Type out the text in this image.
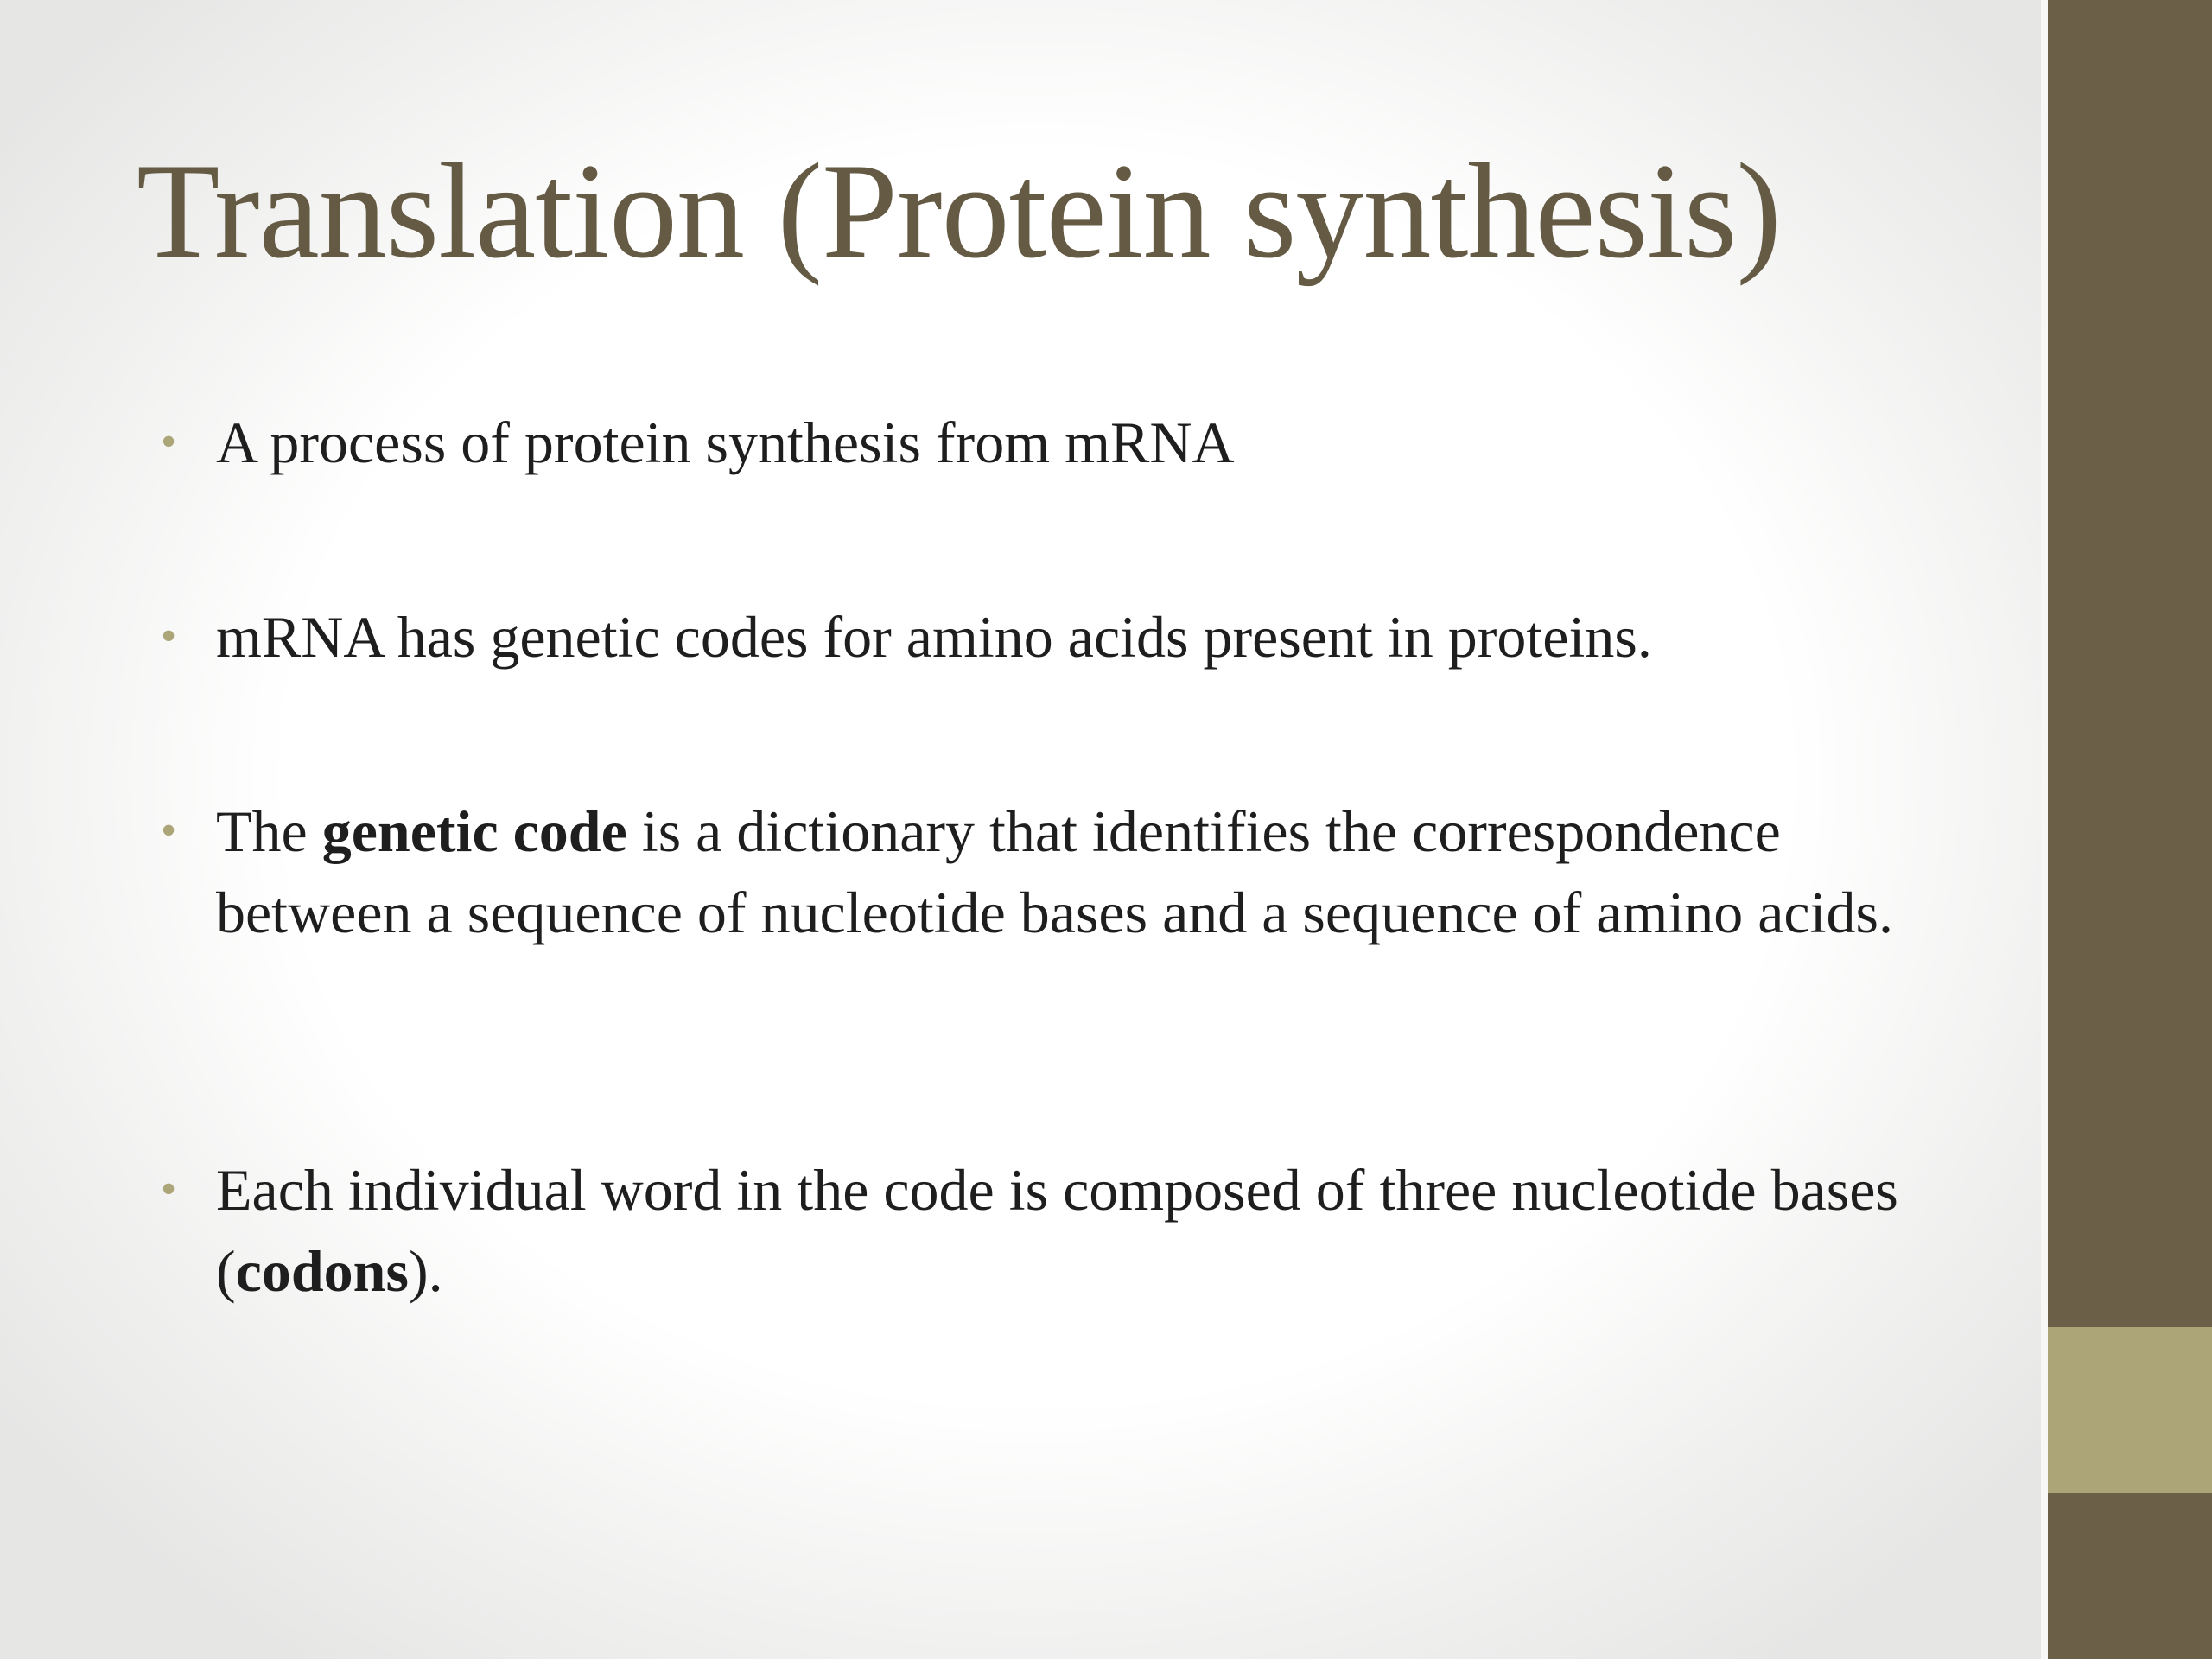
Translation (Protein synthesis)
• A process of protein synthesis from mRNA
• mRNA has genetic codes for amino acids present in proteins.
• The genetic code is a dictionary that identifies the correspondence between a sequence of nucleotide bases and a sequence of amino acids.
• Each individual word in the code is composed of three nucleotide bases (codons).
